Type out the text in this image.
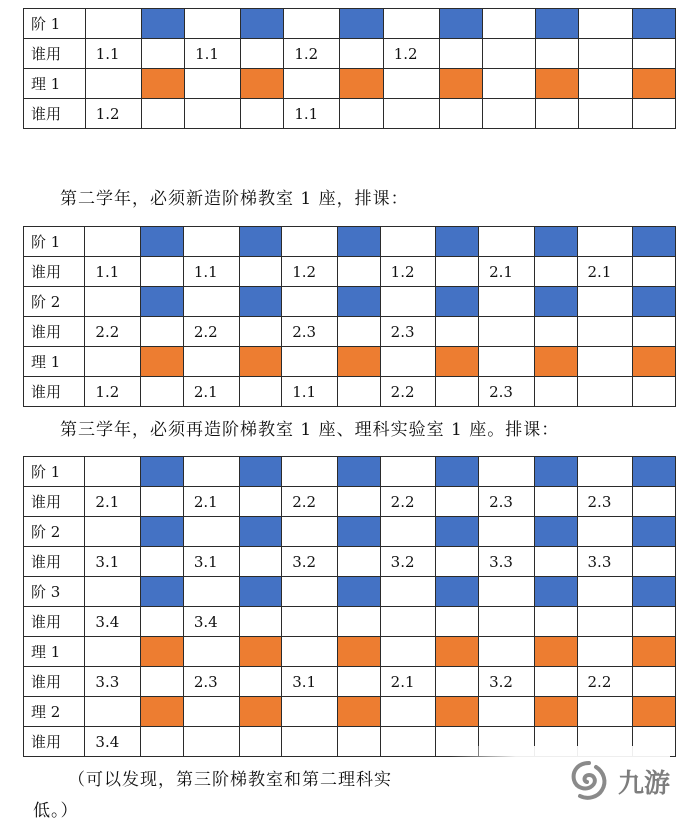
阶 1												
谁用	1.1		1.1		1.2		1.2					
理 1												
谁用	1.2				1.1							

第二学年，必须新造阶梯教室 1 座，排课：

阶 1												
谁用	1.1		1.1		1.2		1.2		2.1		2.1	
阶 2												
谁用	2.2		2.2		2.3		2.3					
理 1												
谁用	1.2		2.1		1.1		2.2		2.3			

第三学年，必须再造阶梯教室 1 座、理科实验室 1 座。排课：

阶 1												
谁用	2.1		2.1		2.2		2.2		2.3		2.3	
阶 2												
谁用	3.1		3.1		3.2		3.2		3.3		3.3	
阶 3												
谁用	3.4		3.4									
理 1												
谁用	3.3		2.3		3.1		2.1		3.2		2.2	
理 2												
谁用	3.4											

（可以发现，第三阶梯教室和第二理科实

低。）

九游
